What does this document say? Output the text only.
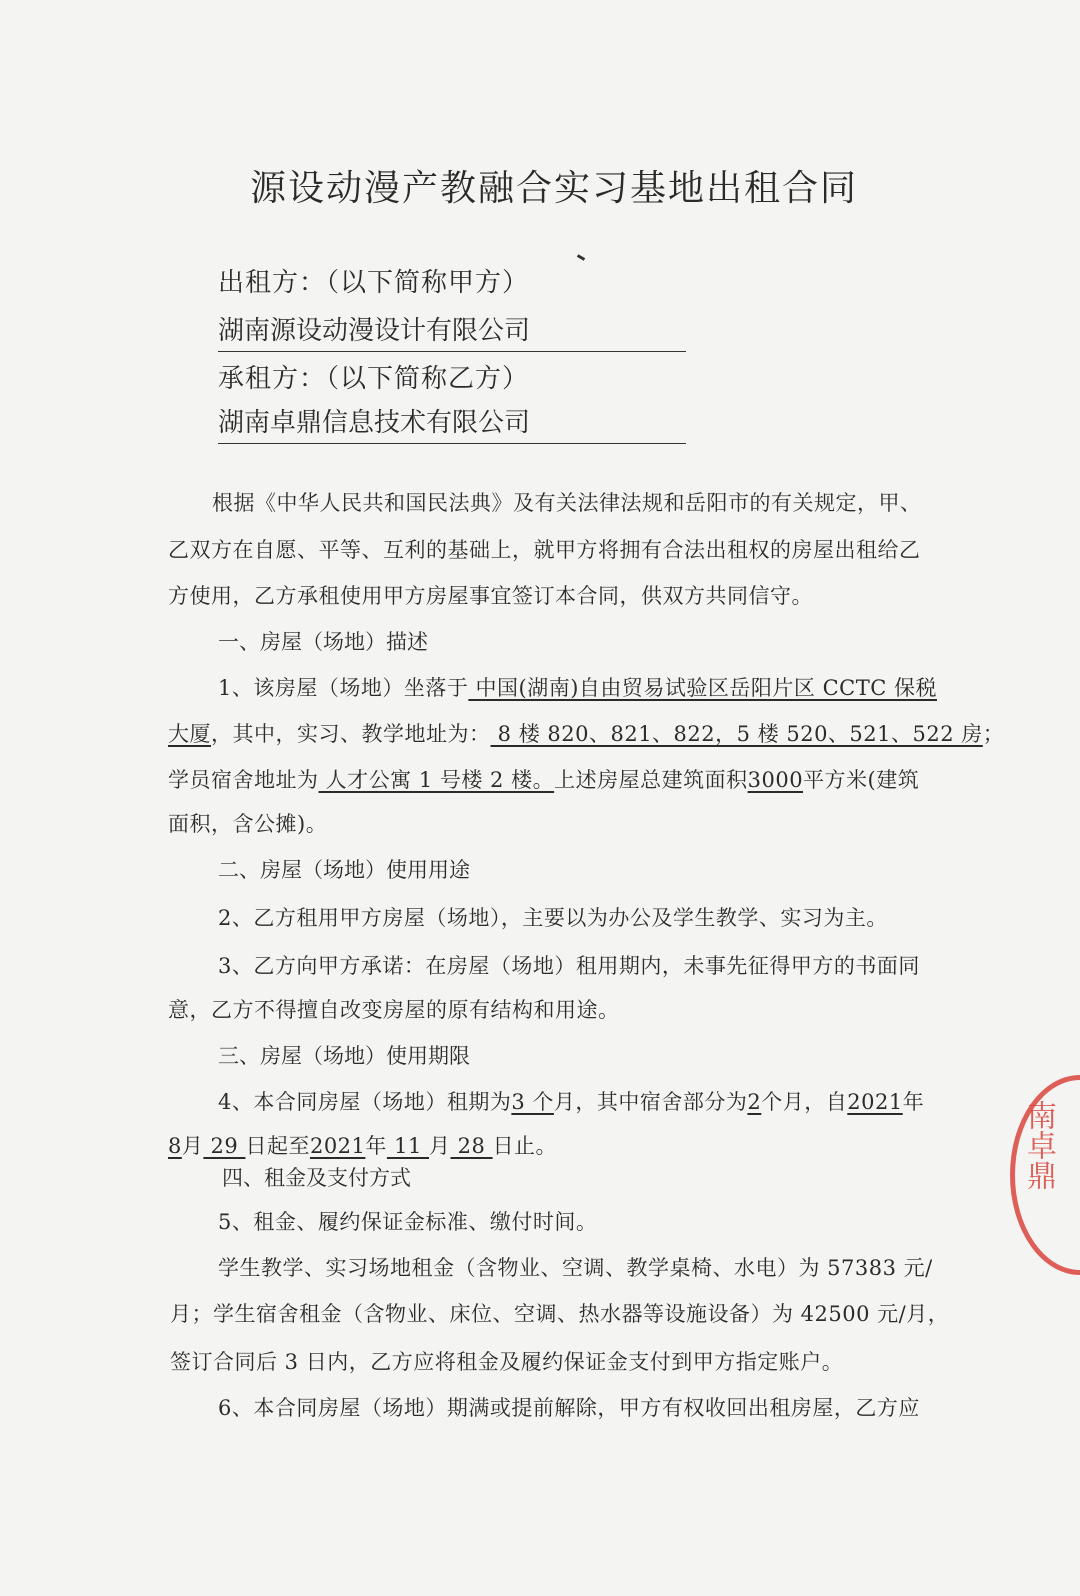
源设动漫产教融合实习基地出租合同
出租方：（以下简称甲方）
湖南源设动漫设计有限公司
承租方：（以下简称乙方）
湖南卓鼎信息技术有限公司
根据《中华人民共和国民法典》及有关法律法规和岳阳市的有关规定，甲、
乙双方在自愿、平等、互利的基础上，就甲方将拥有合法出租权的房屋出租给乙
方使用，乙方承租使用甲方房屋事宜签订本合同，供双方共同信守。
一、房屋（场地）描述
1、该房屋（场地）坐落于 中国(湖南)自由贸易试验区岳阳片区 CCTC 保税
大厦，其中，实习、教学地址为： 8 楼 820、821、822，5 楼 520、521、522 房；
学员宿舍地址为 人才公寓 1 号楼 2 楼。上述房屋总建筑面积3000平方米(建筑
面积，含公摊)。
二、房屋（场地）使用用途
2、乙方租用甲方房屋（场地），主要以为办公及学生教学、实习为主。
3、乙方向甲方承诺：在房屋（场地）租用期内，未事先征得甲方的书面同
意，乙方不得擅自改变房屋的原有结构和用途。
三、房屋（场地）使用期限
4、本合同房屋（场地）租期为3 个月，其中宿舍部分为2个月，自2021年
8月 29 日起至2021年 11 月 28 日止。
四、租金及支付方式
5、租金、履约保证金标准、缴付时间。
学生教学、实习场地租金（含物业、空调、教学桌椅、水电）为 57383 元/
月；学生宿舍租金（含物业、床位、空调、热水器等设施设备）为 42500 元/月，
签订合同后 3 日内，乙方应将租金及履约保证金支付到甲方指定账户。
6、本合同房屋（场地）期满或提前解除，甲方有权收回出租房屋，乙方应
南卓鼎
